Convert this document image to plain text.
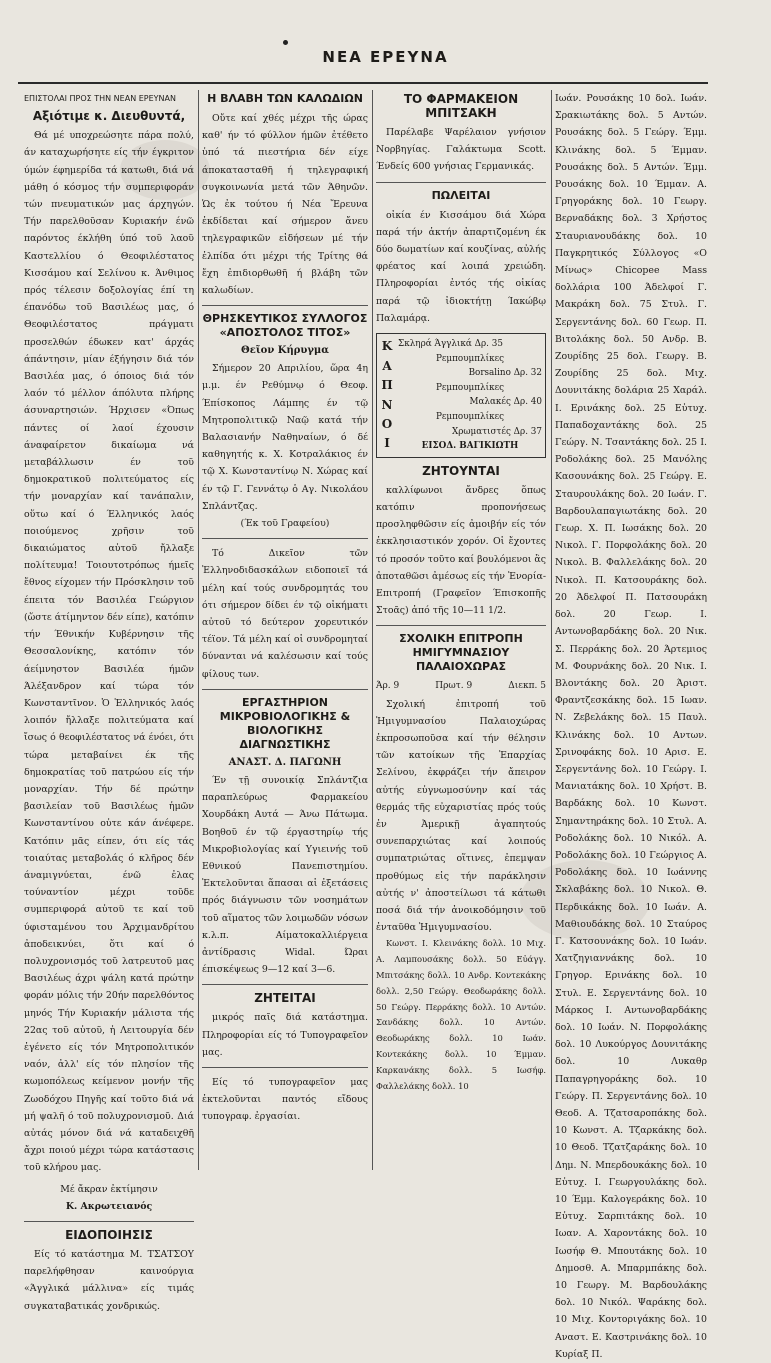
ΝΕΑ ΕΡΕΥΝΑ
ΕΠΙΣΤΟΛΑΙ ΠΡΟΣ ΤΗΝ ΝΕΑΝ ΕΡΕΥΝΑΝ
Αξιότιμε κ. Διευθυντά,

Θά μέ υποχρεώσητε πάρα πολύ, άν καταχωρήσητε είς τήν έγκριτον ύμών έφημερίδα τά κατωθι, διά νά μάθη ό κόσμος τήν συμπεριφοράν τών πνευματικών μας άρχηγών. Τήν παρελθοῦσαν Κυριακήν ένῶ παρόντος έκλήθη ύπό τοῦ λαοῦ Καστελλίου ό Θεοφιλέστατος Κισσάμου καί Σελίνου κ. Άνθιμος πρός τέλεσιν δοξολογίας έπί τη έπανόδω τοῦ Βασιλέως μας, ό Θεοφιλέστατος πράγματι προσελθών έδωκεν κατ' άρχάς άπάντησιν, μίαν έξήγησιν διά τόν Βασιλέα μας, ό όποιος διά τόν λαόν τό μέλλον άπόλυτα πλήρης άσυναρτησιών. Ήρχισεν «Όπως πάντες οί λαοί έχουσιν άναφαίρετον δικαίωμα νά μεταβάλλωσιν έν τοῦ δημοκρατικοῦ πολιτεύματος είς τήν μοναρχίαν καί τανάπαλιν, οὕτω καί ό Έλληνικός λαός ποιούμενος χρῆσιν τοῦ δικαιώματος αὐτοῦ ἤλλαξε πολίτευμα! Τοιουτοτρόπως ήμεῖς ἔθνος είχομεν τήν Πρόσκλησιν τοῦ έπειτα τόν Βασιλέα Γεώργιον (ὥστε άτίμηντον δέν είπε), κατόπιν τήν Έθνικήν Κυβέρνησιν τῆς Θεσσαλονίκης, κατόπιν τόν άείμνηστον Βασιλέα ήμῶν Άλέξανδρον καί τώρα τόν Κωνσταντῖνον. Ὁ Ἑλληνικός λαός λοιπόν ἤλλαξε πολιτεύματα καί ἴσως ό θεοφιλέστατος νά ένόει, ότι τώρα μεταβαίνει έκ τῆς δημοκρατίας τοῦ πατρώου είς τήν μοναρχίαν. Τήν δέ πρώτην βασιλείαν τοῦ Βασιλέως ἡμῶν Κωνσταντίνου οὐτε κάν άνέφερε. Κατόπιν μᾶς είπεν, ότι είς τάς τοιαύτας μεταβολάς ό κλῆρος δέν άναμιγνύεται, ένῶ ἐλας τούναντίον μέχρι τοῦδε συμπεριφορά αὐτοῦ τε καί τοῦ ύφισταμένου του Άρχιμανδρίτου ἀποδεικνύει, ὅτι καί ό πολυχρονισμός τοῦ λατρευτοῦ μας Βασιλέως άχρι ψάλη κατά πρώτην φοράν μόλις τήν 20ήν παρελθόντος μηνός Τήν Κυριακήν μάλιστα τής 22ας τοῦ αὐτοῦ, ἡ Λειτουργία δέν ἐγένετο είς τόν Μητροπολιτικόν ναόν, ἀλλ' είς τόν πλησίον τῆς κωμοπόλεως κείμενον μονήν τῆς Ζωοδόχου Πηγῆς καί τοῦτο διά νά μή ψαλῆ ό τοῦ πολυχρονισμοῦ. Διά αὐτάς μόνον διά νά καταδειχθῆ ἄχρι ποιού μέχρι τώρα κατάστασις τοῦ κλήρου μας.

Μέ ἄκραν ἐκτίμησιν
Κ. Ακρωτειανός
ΕΙΔΟΠΟΙΗΣΙΣ

Είς τό κατάστημα Μ. ΤΣΑΤΣΟΥ παρελήφθησαν καινούργια «Άγγλικά μάλλινα» είς τιμάς συγκαταβατικάς χονδρικώς.

Η ΒΛΑΒΗ ΤΩΝ ΚΑΛΩΔΙΩΝ

Οὔτε καί χθές μέχρι τῆς ώρας καθ' ήν τό φύλλον ήμῶν ἐτέθετο ὑπό τά πιεστήρια δέν είχε άποκατασταθῆ ή τηλεγραφική συγκοινωνία μετά τῶν Άθηνῶν. Ὡς ἐκ τούτου ή Νέα Ἔρευνα ἐκδίδεται καί σήμερον ἄνευ τηλεγραφικῶν εἰδήσεων μέ τήν ἐλπίδα ότι μέχρι τής Τρίτης θά ἔχη ἐπιδιορθωθῆ ή βλάβη τῶν καλωδίων.

ΘΡΗΣΚΕΥΤΙΚΟΣ ΣΥΛΛΟΓΟΣ «ΑΠΟΣΤΟΛΟΣ ΤΙΤΟΣ»
Θεῖον Κήρυγμα

Σήμερον 20 Απριλίου, ὥρα 4η μ.μ. έν Ρεθύμνῳ ό Θεοφ. Έπίσκοπος Λάμπης έν τῷ Μητροπολιτικῷ Ναῷ κατά τήν Βαλασιανήν Ναθηναίων, ό δέ καθηγητής κ. Χ. Κοτραλάκιος έν τῷ Χ. Κωνσταντίνῳ Ν. Χώρας καί έν τῷ Γ. Γεννάτῳ ὁ Αγ. Νικολάου Σπλάντζας.

(Έκ τοῦ Γραφείου)

Τό Δικεῖον τῶν Ἐλληνοδιδασκάλων ειδοποιεῖ τά μέλη καί τούς συνδρομητάς του ότι σήμερον δίδει έν τῷ οἰκήματι αὐτοῦ τό δεύτερον χορευτικόν τέϊον. Τά μέλη καί οἱ συνδρομηταί δύνανται νά καλέσωσιν καί τούς φίλους των.

ΕΡΓΑΣΤΗΡΙΟΝ ΜΙΚΡΟΒΙΟΛΟΓΙΚΗΣ & ΒΙΟΛΟΓΙΚΗΣ ΔΙΑΓΝΩΣΤΙΚΗΣ
ΑΝΑΣΤ. Δ. ΠΑΓΩΝΗ

Έν τῇ συνοικίᾳ Σπλάντζια παραπλεύρως Φαρμακείου Χουρδάκη Αυτά — Άνω Πάτωμα. Βοηθοῦ έν τῷ έργαστηρίῳ τής Μικροβιολογίας καί Υγιεινής τοῦ Εθνικού Πανεπιστημίου. Ἐκτελοῦνται ἅπασαι αἱ ἐξετάσεις πρός διάγνωσιν τῶν νοσημάτων τοῦ αἵματος τῶν λοιμωδῶν νόσων κ.λ.π. Αίματοκαλλιέργεια ἀντίδρασις Widal. Ώραι έπισκέψεως 9—12 καί 3—6.

ΖΗΤΕΙΤΑΙ

μικρός παῖς διά κατάστημα. Πληροφορίαι είς τό Τυπογραφεῖον μας.

Είς τό τυπογραφεῖον μας ἐκτελοῦνται παντός εἴδους τυπογραφ. ἐργασίαι.

ΤΟ ΦΑΡΜΑΚΕΙΟΝ ΜΠΙΤΣΑΚΗ

Παρέλαβε Ψαρέλαιον γνήσιον Νορβηγίας. Γαλάκτωμα Scott. Ένδείς 600 γνήσιας Γερμανικάς.

ΠΩΛΕΙΤΑΙ

οἰκία έν Κισσάμου διά Χώρα παρά τήν ἀκτήν ἀπαρτιζομένη έκ δύο δωματίων καί κουζίνας, αὐλής φρέατος καί λοιπά χρειώδη. Πληροφορίαι ἐντός τής οἰκίας παρά τῷ ἰδιοκτήτῃ Ίακώβῳ Παλαμάρᾳ.

Κ
Α
Π
Ν
Ο
Ι
Σκληρά Άγγλικά Δρ. 35
Ρεμπουμπλίκες
Borsalino Δρ. 32
Ρεμπουμπλίκες
Μαλακές Δρ. 40
Ρεμπουμπλίκες
Χρωματιστές Δρ. 37
ΕΙΣΟΔ. ΒΑΓΙΚΙΩΤΗ
ΖΗΤΟΥΝΤΑΙ

καλλίφωνοι ἄνδρες ὅπως κατόπιν προπονήσεως προσληφθῶσιν είς ἀμοιβήν είς τόν ἐκκλησιαστικόν χορόν. Οἱ ἔχοντες τό προσόν τοῦτο καί βουλόμενοι ἂς ἀποταθῶσι ἀμέσως είς τήν Ἐνορία-Επιτροπή (Γραφεῖον Έπισκοπῆς Στοᾶς) ἀπό τῆς 10—11 1/2.

ΣΧΟΛΙΚΗ ΕΠΙΤΡΟΠΗ ΗΜΙΓΥΜΝΑΣΙΟΥ ΠΑΛΑΙΟΧΩΡΑΣ
Άρ. 9	Πρωτ. 9	Διεκπ. 5

Σχολική ἐπιτροπή τοῦ Ἡμιγυμνασίου Παλαιοχώρας ἐκπροσωποῦσα καί τήν θέλησιν τῶν κατοίκων τῆς Ἐπαρχίας Σελίνου, ἐκφράζει τήν ἄπειρον αὐτής εὐγνωμοσύνην καί τάς θερμάς τῆς εὐχαριστίας πρός τούς ἐν Ἀμερικῇ ἀγαπητούς συνεπαρχιώτας καί λοιπούς συμπατριώτας οἵτινες, ἐπεμψαν προθύμως εἰς τήν παράκλησιν αὐτής ν' ἀποστείλωσι τά κάτωθι ποσά διά τήν ἀνοικοδόμησιν τοῦ ἐνταῦθα Ἡμιγυμνασίου.

Κωνστ. Ι. Κλεινάκης δολλ. 10 Μιχ. Α. Λαμπουσάκης δολλ. 50 Εὐάγγ. Μπιτσάκης δολλ. 10 Ανδρ. Κοντεκάκης δολλ. 2,50 Γεώργ. Θεοδωράκης δολλ. 50 Γεώργ. Περράκης δολλ. 10 Αντών. Σανδάκης δολλ. 10 Αντών. Θεοδωράκης δολλ. 10 Ιωάν. Κοντεκάκης δολλ. 10 Έμμαν. Καρκανάκης δολλ. 5 Ιωσήφ. Φαλλελάκης δολλ. 10

Ιωάν. Ρουσάκης 10 δολ. Ιωάν. Σρακιωτάκης δολ. 5 Αντών. Ρουσάκης δολ. 5 Γεώργ. Έμμ. Κλινάκης δολ. 5 Έμμαν. Ρουσάκης δολ. 5 Αντών. Έμμ. Ρουσάκης δολ. 10 Έμμαν. Α. Γρηγοράκης δολ. 10 Γεωργ. Βερναδάκης δολ. 3 Χρήστος Σταυριανουδάκης δολ. 10 Παγκρητικός Σύλλογος «Ο Μίνως» Chicopee Mass δολλάρια 100 Άδελφοί Γ. Μακράκη δολ. 75 Στυλ. Γ. Σεργεντάνης δολ. 60 Γεωρ. Π. Βιτολάκης δολ. 50 Ανδρ. Β. Ζουρίδης 25 δολ. Γεωργ. Β. Ζουρίδης 25 δολ. Μιχ. Δουνιτάκης δολάρια 25 Χαράλ. Ι. Ερινάκης δολ. 25 Εὐτυχ. Παπαδοχαντάκης δολ. 25 Γεώργ. Ν. Τσαντάκης δολ. 25 Ι. Ροδολάκης δολ. 25 Μανόλης Κασουνάκης δολ. 25 Γεώργ. Ε. Σταυρουλάκης δολ. 20 Ιωάν. Γ. Βαρδουλαπαγιωτάκης δολ. 20 Γεωρ. Χ. Π. Ιωσάκης δολ. 20 Νικολ. Γ. Πορφολάκης δολ. 20 Νικολ. Β. Φαλλελάκης δολ. 20 Νικολ. Π. Κατσουράκης δολ. 20 Άδελφοί Π. Πατσουράκη δολ. 20 Γεωρ. Ι. Αντωνοβαρδάκης δολ. 20 Νικ. Σ. Περράκης δολ. 20 Άρτεμιος Μ. Φουρνάκης δολ. 20 Νικ. Ι. Βλοντάκης δολ. 20 Άριστ. Φραντζεσκάκης δολ. 15 Ιωαν. Ν. Ζεβελάκης δολ. 15 Παυλ. Κλινάκης δολ. 10 Αντων. Σρινοφάκης δολ. 10 Αρισ. Ε. Σεργεντάνης δολ. 10 Γεώργ. Ι. Μανιατάκης δολ. 10 Χρήστ. Β. Βαρδάκης δολ. 10 Κωνστ. Σημαντηράκης δολ. 10 Στυλ. Α. Ροδολάκης δολ. 10 Νικόλ. Α. Ροδολάκης δολ. 10 Γεώργιος Α. Ροδολάκης δολ. 10 Ιωάννης Σκλαβάκης δολ. 10 Νικολ. Θ. Περδικάκης δολ. 10 Ιωάν. Α. Μαθιουδάκης δολ. 10 Σταύρος Γ. Κατσουνάκης δολ. 10 Ιωάν. Χατζηγιαννάκης δολ. 10 Γρηγορ. Ερινάκης δολ. 10 Στυλ. Ε. Σεργεντάνης δολ. 10 Μάρκος Ι. Αντωνοβαρδάκης δολ. 10 Ιωάν. Ν. Πορφολάκης δολ. 10 Λυκούργος Δουνιτάκης δολ. 10 Λυκαθρ Παπαγρηγοράκης δολ. 10 Γεώργ. Π. Σεργεντάνης δολ. 10 Θεοδ. Α. Τζατσαροπάκης δολ. 10 Κωνστ. Α. Τζαρκάκης δολ. 10 Θεοδ. Τζατζαράκης δολ. 10 Δημ. Ν. Μπερδουκάκης δολ. 10 Εὐτυχ. Ι. Γεωργουλάκης δολ. 10 Έμμ. Καλογεράκης δολ. 10 Εὐτυχ. Σαρπιτάκης δολ. 10 Ιωαν. Α. Χαροντάκης δολ. 10 Ιωσήφ Θ. Μπουτάκης δολ. 10 Δημοσθ. Α. Μπαρμπάκης δολ. 10 Γεωργ. Μ. Βαρδουλάκης δολ. 10 Νικόλ. Ψαράκης δολ. 10 Μιχ. Κοντοριγάκης δολ. 10 Αναστ. Ε. Καστρινάκης δολ. 10 Κυρίαξ Π.
